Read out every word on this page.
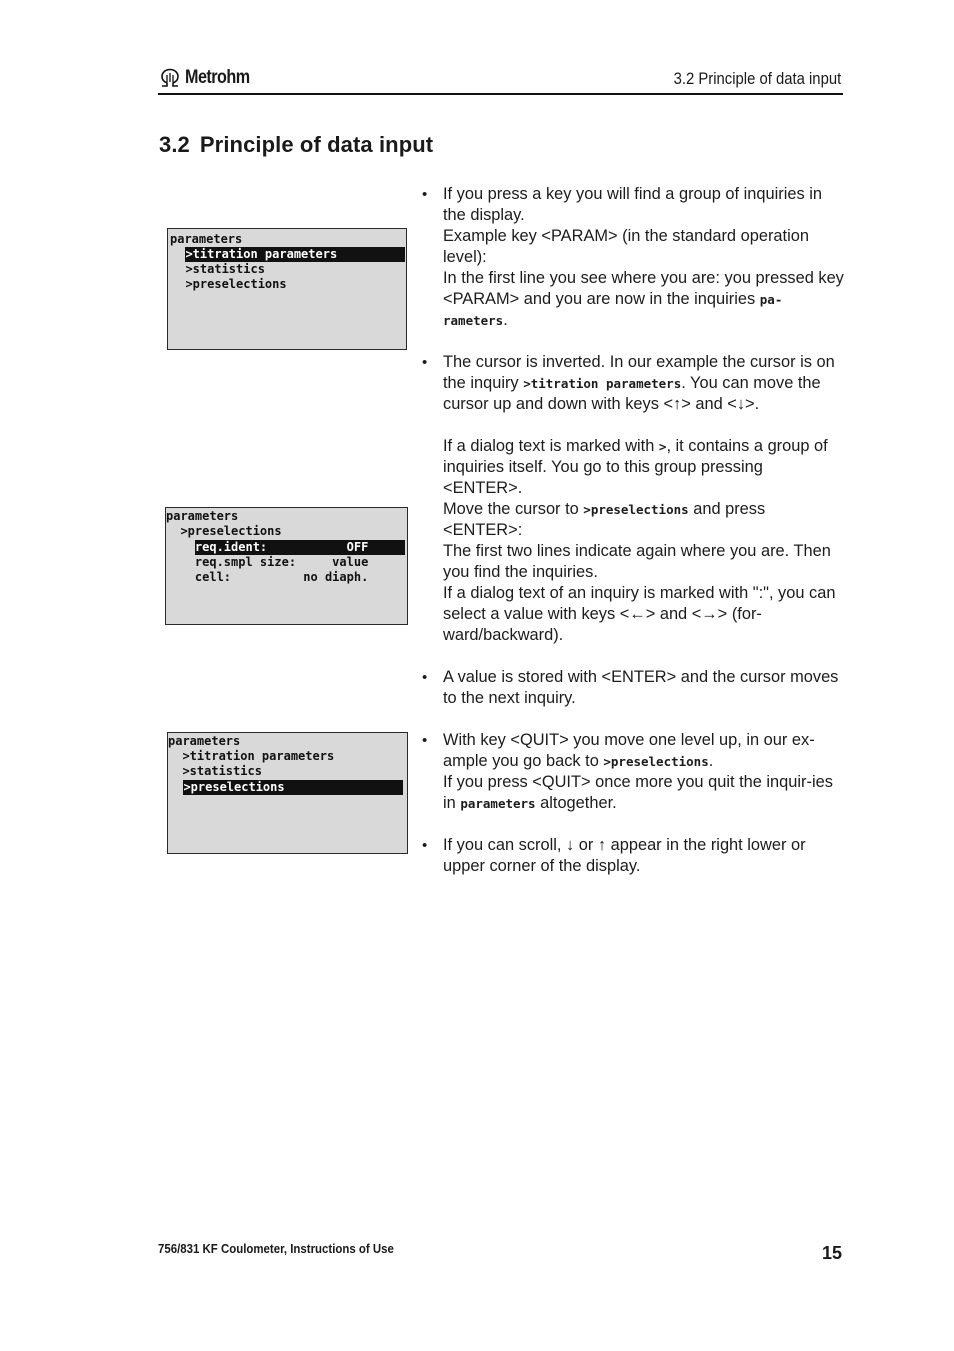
Metrohm	3.2 Principle of data input
3.2 Principle of data input
parameters
>titration parameters
>statistics
>preselections
parameters
>preselections
req.ident:           OFF
req.smpl size:     value
cell:          no diaph.
parameters
>titration parameters
>statistics
>preselections
• If you press a key you will find a group of inquiries in the display.
Example key <PARAM> (in the standard operation level):
In the first line you see where you are: you pressed key <PARAM> and you are now in the inquiries pa-
rameters.
• The cursor is inverted. In our example the cursor is on the inquiry >titration parameters. You can move the cursor up and down with keys <↑> and <↓>.
If a dialog text is marked with >, it contains a group of inquiries itself. You go to this group pressing <ENTER>.
Move the cursor to >preselections and press <ENTER>:
The first two lines indicate again where you are. Then you find the inquiries.
If a dialog text of an inquiry is marked with ":", you can select a value with keys <←> and <→> (for-ward/backward).
• A value is stored with <ENTER> and the cursor moves to the next inquiry.
• With key <QUIT> you move one level up, in our ex-ample you go back to >preselections.
If you press <QUIT> once more you quit the inquir-ies in parameters altogether.
• If you can scroll, ↓ or ↑ appear in the right lower or upper corner of the display.
756/831 KF Coulometer, Instructions of Use	15
